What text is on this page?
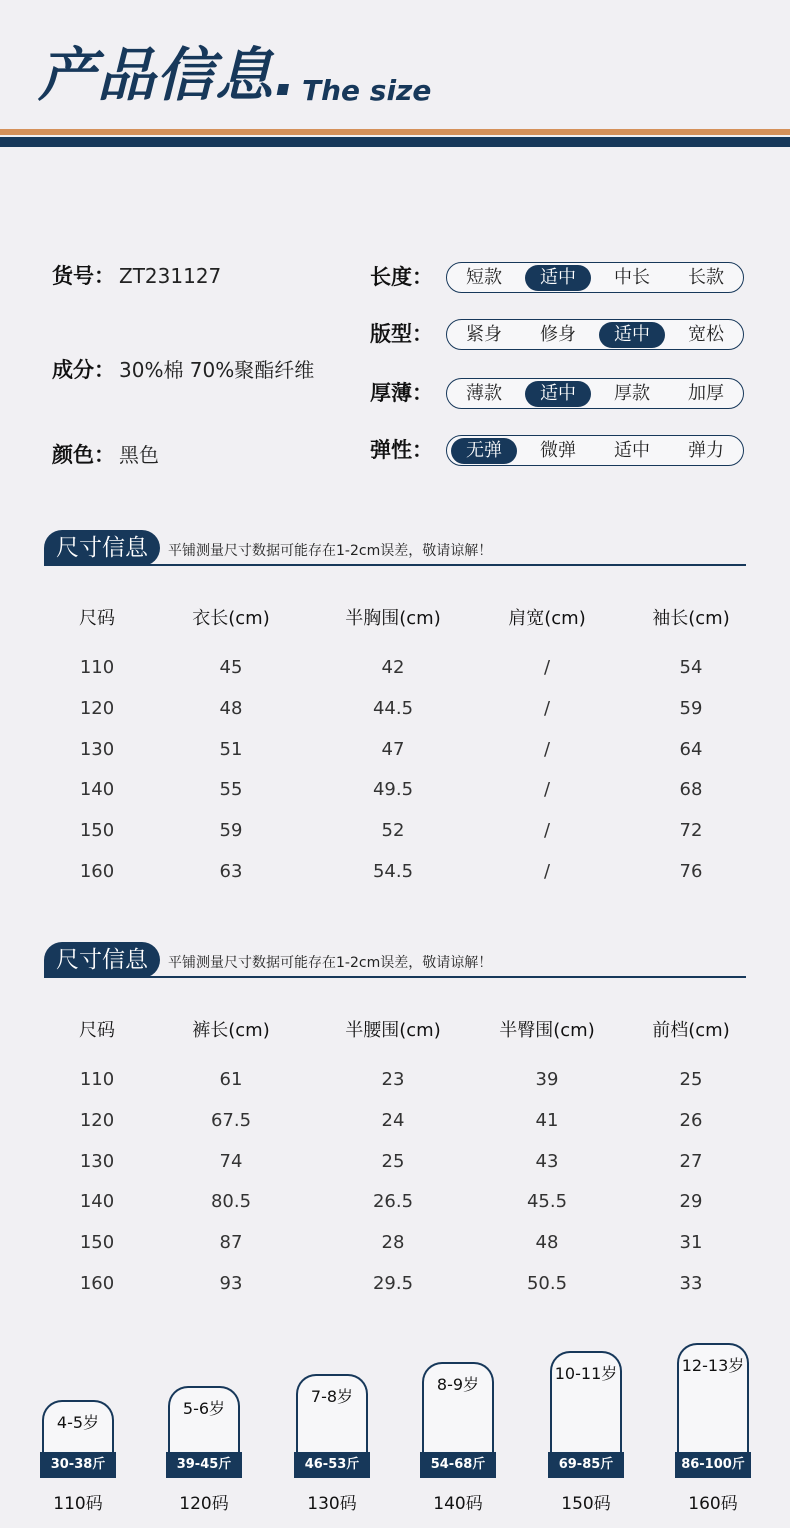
产品信息. The size
货号： ZT231127
成分： 30%棉 70%聚酯纤维
颜色： 黑色
长度：	短款	适中	中长	长款
版型：	紧身	修身	适中	宽松
厚薄：	薄款	适中	厚款	加厚
弹性：	无弹	微弹	适中	弹力
尺寸信息	平铺测量尺寸数据可能存在1-2cm误差，敬请谅解！
尺码	衣长(cm)	半胸围(cm)	肩宽(cm)	袖长(cm)
110	45	42	/	54
120	48	44.5	/	59
130	51	47	/	64
140	55	49.5	/	68
150	59	52	/	72
160	63	54.5	/	76
尺寸信息	平铺测量尺寸数据可能存在1-2cm误差，敬请谅解！
尺码	裤长(cm)	半腰围(cm)	半臀围(cm)	前档(cm)
110	61	23	39	25
120	67.5	24	41	26
130	74	25	43	27
140	80.5	26.5	45.5	29
150	87	28	48	31
160	93	29.5	50.5	33
4-5岁
30-38斤
110码
5-6岁
39-45斤
120码
7-8岁
46-53斤
130码
8-9岁
54-68斤
140码
10-11岁
69-85斤
150码
12-13岁
86-100斤
160码
